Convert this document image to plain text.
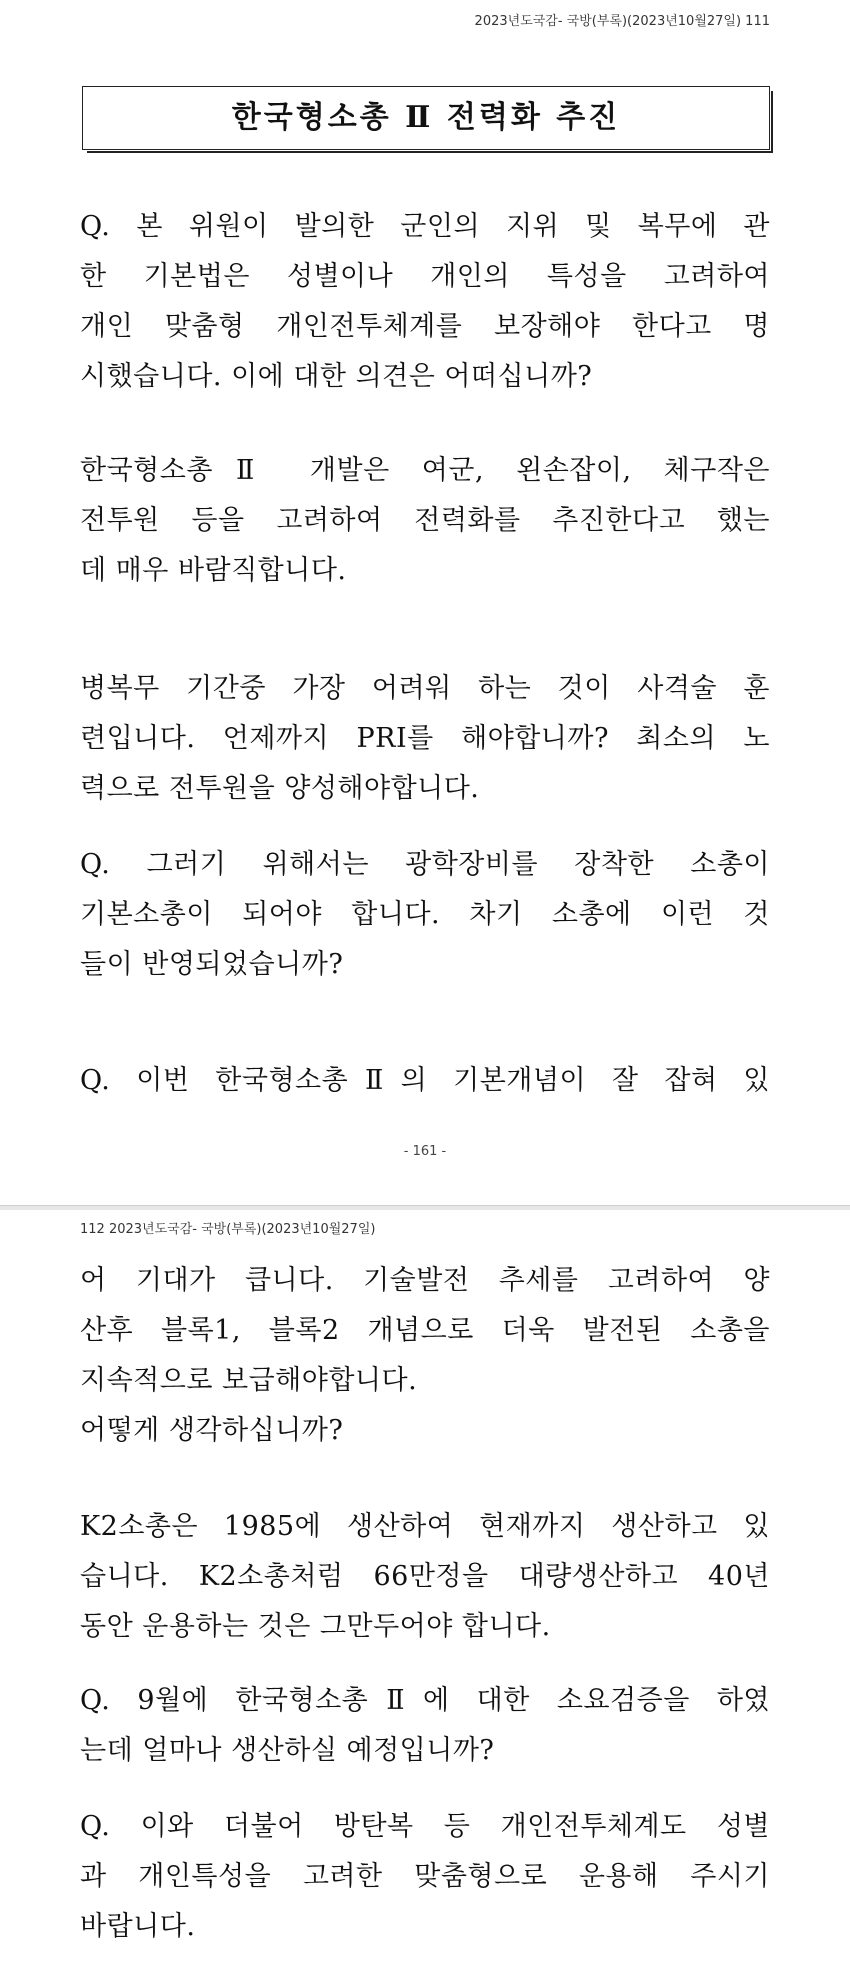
2023년도국감- 국방(부록)(2023년10월27일) 111
한국형소총 Ⅱ 전력화 추진
Q. 본 위원이 발의한 군인의 지위 및 복무에 관
한 기본법은 성별이나 개인의 특성을 고려하여
개인 맞춤형 개인전투체계를 보장해야 한다고 명
시했습니다. 이에 대한 의견은 어떠십니까?
한국형소총Ⅱ 개발은 여군, 왼손잡이, 체구작은
전투원 등을 고려하여 전력화를 추진한다고 했는
데 매우 바람직합니다.
병복무 기간중 가장 어려워 하는 것이 사격술 훈
련입니다. 언제까지 PRI를 해야합니까? 최소의 노
력으로 전투원을 양성해야합니다.
Q. 그러기 위해서는 광학장비를 장착한 소총이
기본소총이 되어야 합니다. 차기 소총에 이런 것
들이 반영되었습니까?
Q. 이번 한국형소총Ⅱ의 기본개념이 잘 잡혀 있
- 161 -
112 2023년도국감- 국방(부록)(2023년10월27일)
어 기대가 큽니다. 기술발전 추세를 고려하여 양
산후 블록1, 블록2 개념으로 더욱 발전된 소총을
지속적으로 보급해야합니다.
어떻게 생각하십니까?
K2소총은 1985에 생산하여 현재까지 생산하고 있
습니다. K2소총처럼 66만정을 대량생산하고 40년
동안 운용하는 것은 그만두어야 합니다.
Q. 9월에 한국형소총Ⅱ에 대한 소요검증을 하였
는데 얼마나 생산하실 예정입니까?
Q. 이와 더불어 방탄복 등 개인전투체계도 성별
과 개인특성을 고려한 맞춤형으로 운용해 주시기
바랍니다.
